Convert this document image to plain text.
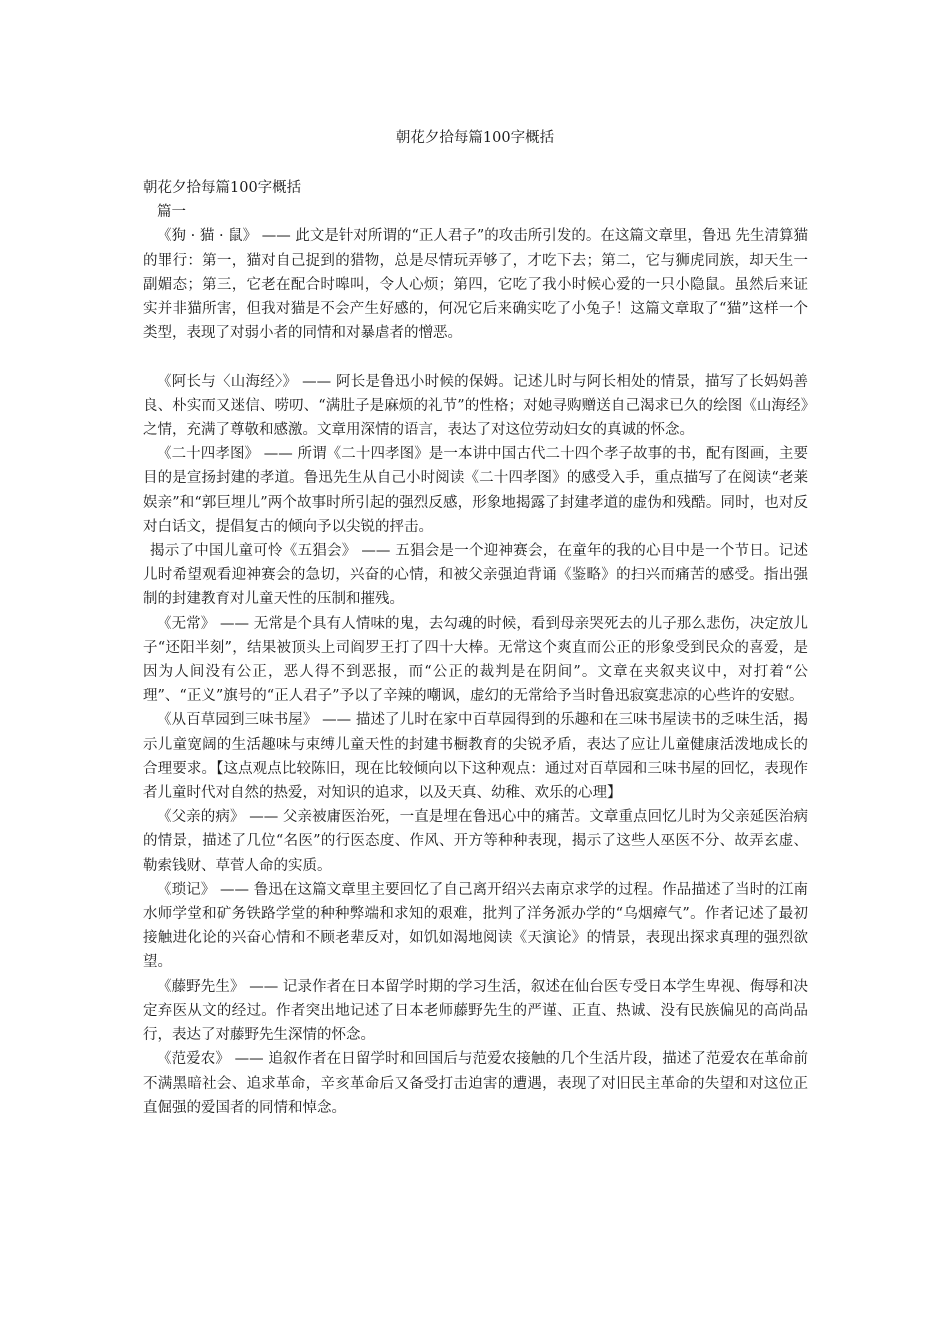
朝花夕拾每篇100字概括

朝花夕拾每篇100字概括

篇一

《狗 · 猫 · 鼠》 —— 此文是针对所谓的“正人君子”的攻击所引发的。在这篇文章里，鲁迅 先生清算猫的罪行：第一，猫对自己捉到的猎物，总是尽情玩弄够了，才吃下去；第二，它与狮虎同族，却天生一副媚态；第三，它老在配合时嗥叫，令人心烦；第四，它吃了我小时候心爱的一只小隐鼠。虽然后来证实并非猫所害，但我对猫是不会产生好感的，何况它后来确实吃了小兔子！这篇文章取了“猫”这样一个类型，表现了对弱小者的同情和对暴虐者的憎恶。

《阿长与〈山海经〉》 —— 阿长是鲁迅小时候的保姆。记述儿时与阿长相处的情景，描写了长妈妈善良、朴实而又迷信、唠叨、“满肚子是麻烦的礼节”的性格；对她寻购赠送自己渴求已久的绘图《山海经》之情，充满了尊敬和感激。文章用深情的语言，表达了对这位劳动妇女的真诚的怀念。

《二十四孝图》 —— 所谓《二十四孝图》是一本讲中国古代二十四个孝子故事的书，配有图画，主要目的是宣扬封建的孝道。鲁迅先生从自己小时阅读《二十四孝图》的感受入手，重点描写了在阅读“老莱娱亲”和“郭巨埋儿”两个故事时所引起的强烈反感，形象地揭露了封建孝道的虚伪和残酷。同时，也对反对白话文，提倡复古的倾向予以尖锐的抨击。

揭示了中国儿童可怜《五猖会》 —— 五猖会是一个迎神赛会，在童年的我的心目中是一个节日。记述儿时希望观看迎神赛会的急切，兴奋的心情，和被父亲强迫背诵《鉴略》的扫兴而痛苦的感受。指出强制的封建教育对儿童天性的压制和摧残。

《无常》 —— 无常是个具有人情味的鬼，去勾魂的时候，看到母亲哭死去的儿子那么悲伤，决定放儿子“还阳半刻”，结果被顶头上司阎罗王打了四十大棒。无常这个爽直而公正的形象受到民众的喜爱，是因为人间没有公正，恶人得不到恶报，而“公正的裁判是在阴间”。文章在夹叙夹议中，对打着“公理”、“正义”旗号的“正人君子”予以了辛辣的嘲讽，虚幻的无常给予当时鲁迅寂寞悲凉的心些许的安慰。

《从百草园到三味书屋》 —— 描述了儿时在家中百草园得到的乐趣和在三味书屋读书的乏味生活，揭示儿童宽阔的生活趣味与束缚儿童天性的封建书橱教育的尖锐矛盾，表达了应让儿童健康活泼地成长的合理要求。【这点观点比较陈旧，现在比较倾向以下这种观点：通过对百草园和三味书屋的回忆，表现作者儿童时代对自然的热爱，对知识的追求，以及天真、幼稚、欢乐的心理】

《父亲的病》 —— 父亲被庸医治死，一直是埋在鲁迅心中的痛苦。文章重点回忆儿时为父亲延医治病的情景，描述了几位“名医”的行医态度、作风、开方等种种表现，揭示了这些人巫医不分、故弄玄虚、勒索钱财、草菅人命的实质。

《琐记》 —— 鲁迅在这篇文章里主要回忆了自己离开绍兴去南京求学的过程。作品描述了当时的江南水师学堂和矿务铁路学堂的种种弊端和求知的艰难，批判了洋务派办学的“乌烟瘴气”。作者记述了最初接触进化论的兴奋心情和不顾老辈反对，如饥如渴地阅读《天演论》的情景，表现出探求真理的强烈欲望。

《藤野先生》 —— 记录作者在日本留学时期的学习生活，叙述在仙台医专受日本学生卑视、侮辱和决定弃医从文的经过。作者突出地记述了日本老师藤野先生的严谨、正直、热诚、没有民族偏见的高尚品行，表达了对藤野先生深情的怀念。

《范爱农》 —— 追叙作者在日留学时和回国后与范爱农接触的几个生活片段，描述了范爱农在革命前不满黑暗社会、追求革命，辛亥革命后又备受打击迫害的遭遇，表现了对旧民主革命的失望和对这位正直倔强的爱国者的同情和悼念。
